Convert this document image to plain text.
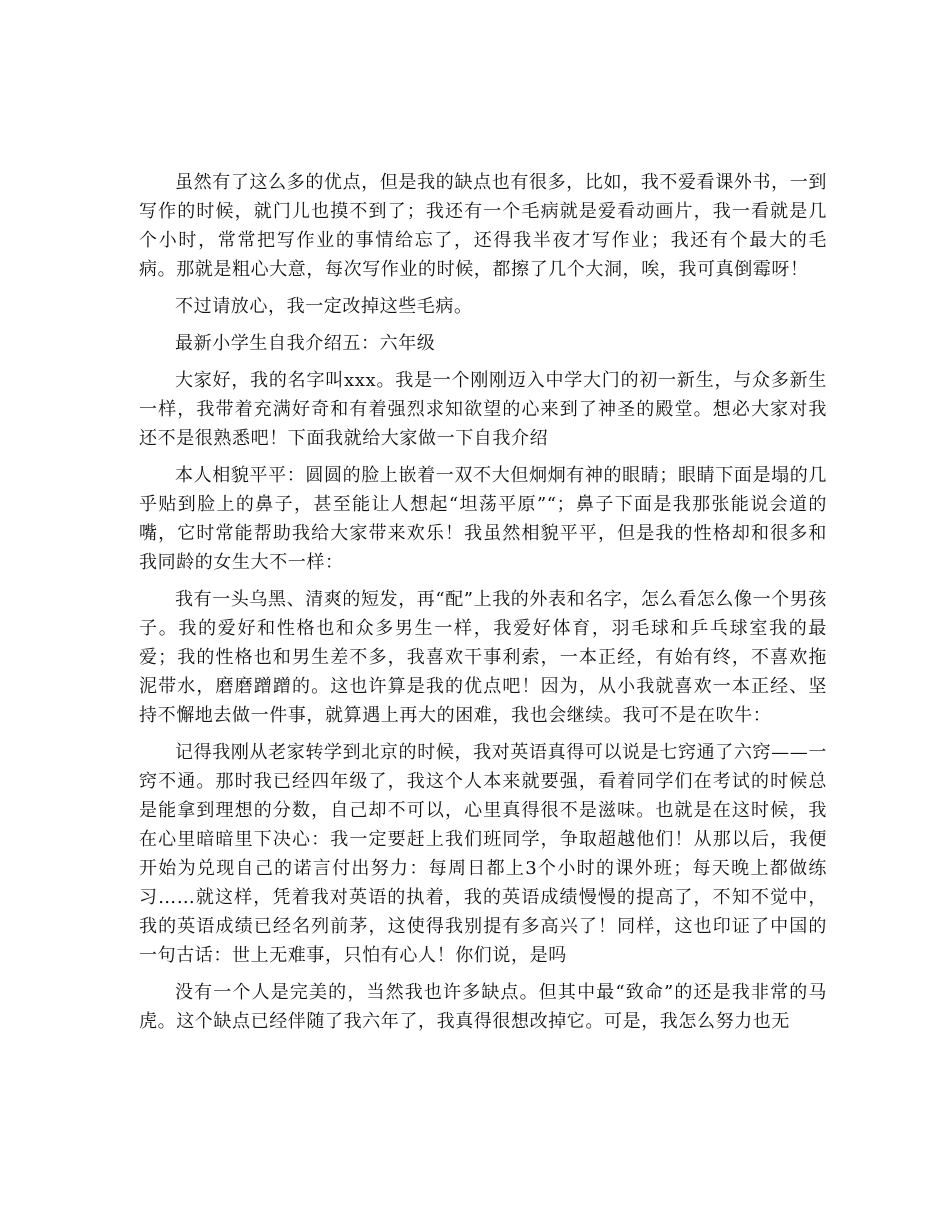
虽然有了这么多的优点，但是我的缺点也有很多，比如，我不爱看课外书，一到写作的时候，就门儿也摸不到了；我还有一个毛病就是爱看动画片，我一看就是几个小时，常常把写作业的事情给忘了，还得我半夜才写作业；我还有个最大的毛病。那就是粗心大意，每次写作业的时候，都擦了几个大洞，唉，我可真倒霉呀！

不过请放心，我一定改掉这些毛病。

最新小学生自我介绍五：六年级

大家好，我的名字叫xxx。我是一个刚刚迈入中学大门的初一新生，与众多新生一样，我带着充满好奇和有着强烈求知欲望的心来到了神圣的殿堂。想必大家对我还不是很熟悉吧！下面我就给大家做一下自我介绍

本人相貌平平：圆圆的脸上嵌着一双不大但炯炯有神的眼睛；眼睛下面是塌的几乎贴到脸上的鼻子，甚至能让人想起“坦荡平原”“；鼻子下面是我那张能说会道的嘴，它时常能帮助我给大家带来欢乐！我虽然相貌平平，但是我的性格却和很多和我同龄的女生大不一样：

我有一头乌黑、清爽的短发，再“配”上我的外表和名字，怎么看怎么像一个男孩子。我的爱好和性格也和众多男生一样，我爱好体育，羽毛球和乒乓球室我的最爱；我的性格也和男生差不多，我喜欢干事利索，一本正经，有始有终，不喜欢拖泥带水，磨磨蹭蹭的。这也许算是我的优点吧！因为，从小我就喜欢一本正经、坚持不懈地去做一件事，就算遇上再大的困难，我也会继续。我可不是在吹牛：

记得我刚从老家转学到北京的时候，我对英语真得可以说是七窍通了六窍——一窍不通。那时我已经四年级了，我这个人本来就要强，看着同学们在考试的时候总是能拿到理想的分数，自己却不可以，心里真得很不是滋味。也就是在这时候，我在心里暗暗里下决心：我一定要赶上我们班同学，争取超越他们！从那以后，我便开始为兑现自己的诺言付出努力：每周日都上3个小时的课外班；每天晚上都做练习……就这样，凭着我对英语的执着，我的英语成绩慢慢的提高了，不知不觉中，我的英语成绩已经名列前茅，这使得我别提有多高兴了！同样，这也印证了中国的一句古话：世上无难事，只怕有心人！你们说，是吗

没有一个人是完美的，当然我也许多缺点。但其中最“致命”的还是我非常的马虎。这个缺点已经伴随了我六年了，我真得很想改掉它。可是，我怎么努力也无
